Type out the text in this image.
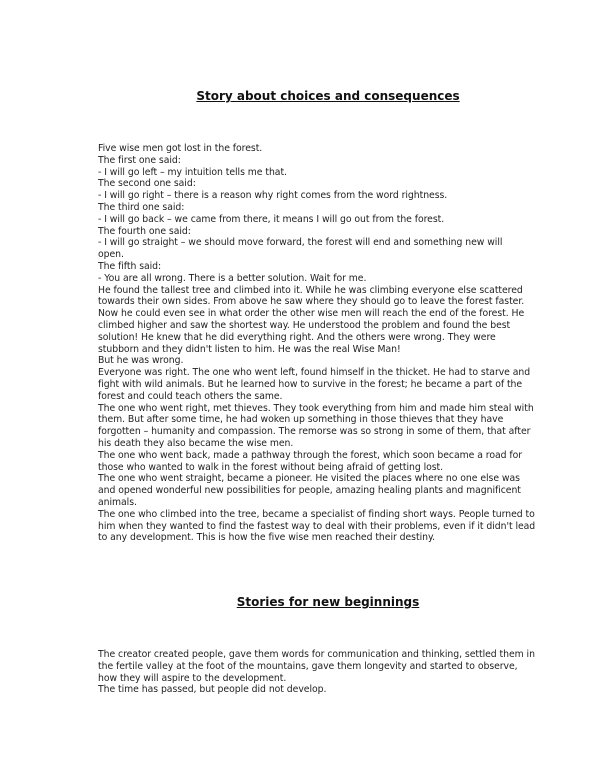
Story about choices and consequences
Five wise men got lost in the forest.
The first one said:
- I will go left – my intuition tells me that.
The second one said:
- I will go right – there is a reason why right comes from the word rightness.
The third one said:
- I will go back – we came from there, it means I will go out from the forest.
The fourth one said:
- I will go straight – we should move forward, the forest will end and something new will
open.
The fifth said:
- You are all wrong. There is a better solution. Wait for me.
He found the tallest tree and climbed into it. While he was climbing everyone else scattered
towards their own sides. From above he saw where they should go to leave the forest faster.
Now he could even see in what order the other wise men will reach the end of the forest. He
climbed higher and saw the shortest way. He understood the problem and found the best
solution! He knew that he did everything right. And the others were wrong. They were
stubborn and they didn't listen to him. He was the real Wise Man!
But he was wrong.
Everyone was right. The one who went left, found himself in the thicket. He had to starve and
fight with wild animals. But he learned how to survive in the forest; he became a part of the
forest and could teach others the same.
The one who went right, met thieves. They took everything from him and made him steal with
them. But after some time, he had woken up something in those thieves that they have
forgotten – humanity and compassion. The remorse was so strong in some of them, that after
his death they also became the wise men.
The one who went back, made a pathway through the forest, which soon became a road for
those who wanted to walk in the forest without being afraid of getting lost.
The one who went straight, became a pioneer. He visited the places where no one else was
and opened wonderful new possibilities for people, amazing healing plants and magnificent
animals.
The one who climbed into the tree, became a specialist of finding short ways. People turned to
him when they wanted to find the fastest way to deal with their problems, even if it didn't lead
to any development. This is how the five wise men reached their destiny.
Stories for new beginnings
The creator created people, gave them words for communication and thinking, settled them in
the fertile valley at the foot of the mountains, gave them longevity and started to observe,
how they will aspire to the development.
The time has passed, but people did not develop.
